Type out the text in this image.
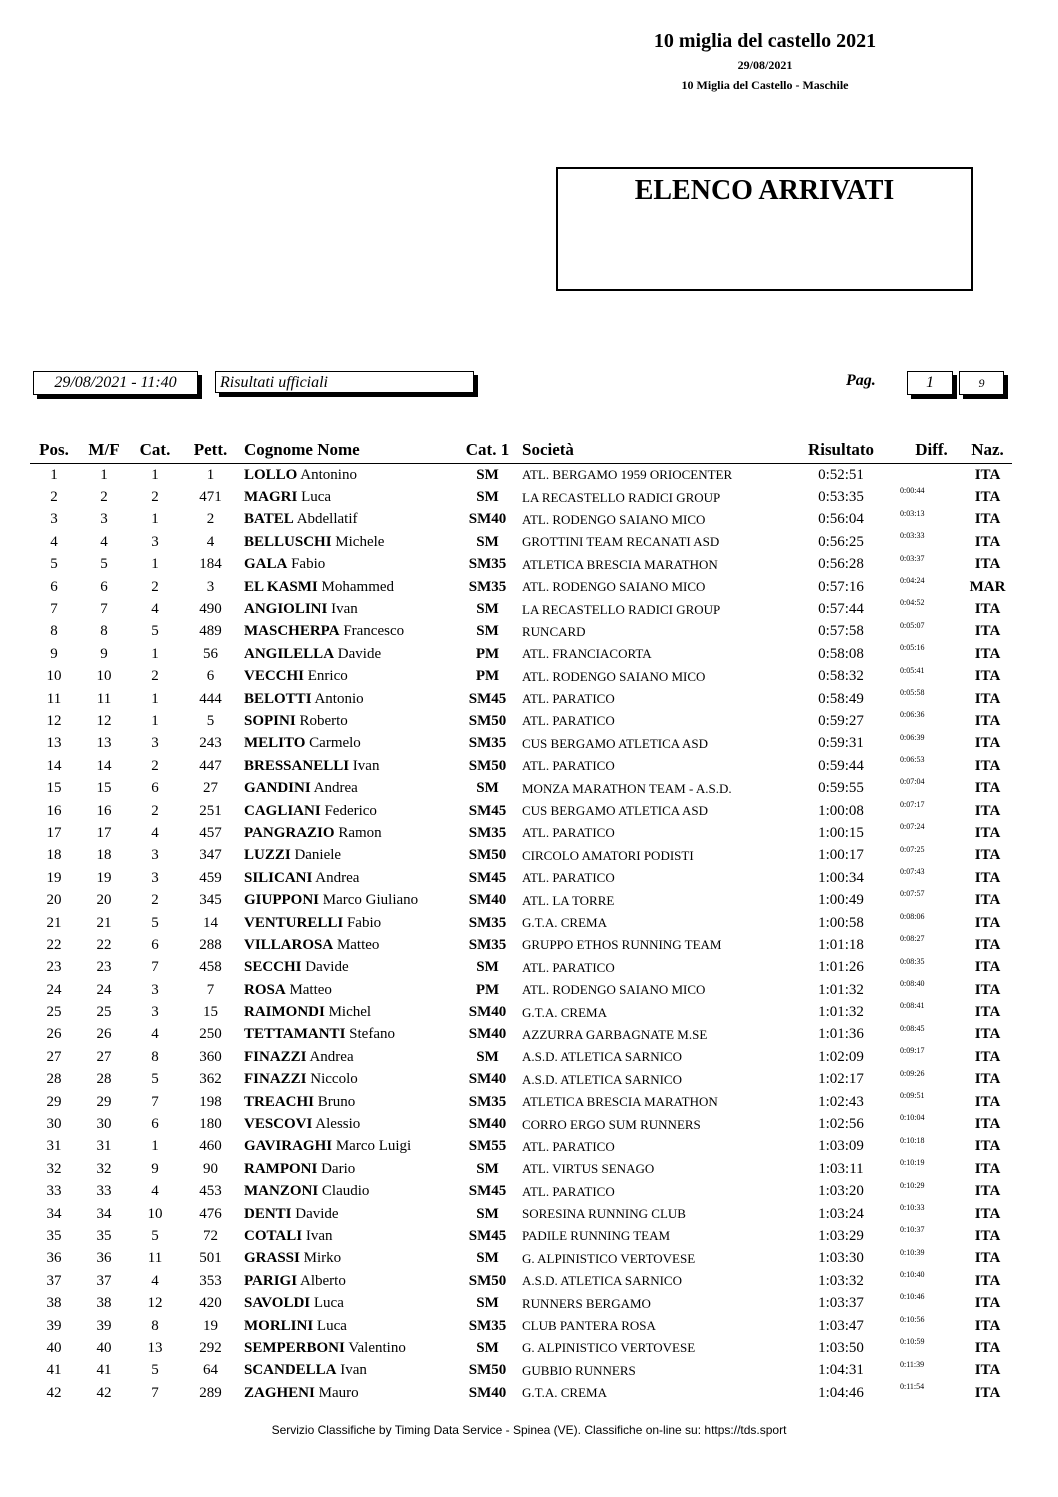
10 miglia del castello 2021
29/08/2021
10 Miglia del Castello - Maschile
ELENCO ARRIVATI
29/08/2021 - 11:40	Risultati ufficiali	Pag.	1	9
Pos.	M/F	Cat.	Pett.	Cognome Nome	Cat. 1	Società	Risultato	Diff.	Naz.
1	1	1	1	LOLLO Antonino	SM	ATL. BERGAMO 1959 ORIOCENTER	0:52:51		ITA
2	2	2	471	MAGRI Luca	SM	LA RECASTELLO RADICI GROUP	0:53:35	0:00:44	ITA
3	3	1	2	BATEL Abdellatif	SM40	ATL. RODENGO SAIANO MICO	0:56:04	0:03:13	ITA
4	4	3	4	BELLUSCHI Michele	SM	GROTTINI TEAM RECANATI ASD	0:56:25	0:03:33	ITA
5	5	1	184	GALA Fabio	SM35	ATLETICA BRESCIA MARATHON	0:56:28	0:03:37	ITA
6	6	2	3	EL KASMI Mohammed	SM35	ATL. RODENGO SAIANO MICO	0:57:16	0:04:24	MAR
7	7	4	490	ANGIOLINI Ivan	SM	LA RECASTELLO RADICI GROUP	0:57:44	0:04:52	ITA
8	8	5	489	MASCHERPA Francesco	SM	RUNCARD	0:57:58	0:05:07	ITA
9	9	1	56	ANGILELLA Davide	PM	ATL. FRANCIACORTA	0:58:08	0:05:16	ITA
10	10	2	6	VECCHI Enrico	PM	ATL. RODENGO SAIANO MICO	0:58:32	0:05:41	ITA
11	11	1	444	BELOTTI Antonio	SM45	ATL. PARATICO	0:58:49	0:05:58	ITA
12	12	1	5	SOPINI Roberto	SM50	ATL. PARATICO	0:59:27	0:06:36	ITA
13	13	3	243	MELITO Carmelo	SM35	CUS BERGAMO ATLETICA ASD	0:59:31	0:06:39	ITA
14	14	2	447	BRESSANELLI Ivan	SM50	ATL. PARATICO	0:59:44	0:06:53	ITA
15	15	6	27	GANDINI Andrea	SM	MONZA MARATHON TEAM - A.S.D.	0:59:55	0:07:04	ITA
16	16	2	251	CAGLIANI Federico	SM45	CUS BERGAMO ATLETICA ASD	1:00:08	0:07:17	ITA
17	17	4	457	PANGRAZIO Ramon	SM35	ATL. PARATICO	1:00:15	0:07:24	ITA
18	18	3	347	LUZZI Daniele	SM50	CIRCOLO AMATORI PODISTI	1:00:17	0:07:25	ITA
19	19	3	459	SILICANI Andrea	SM45	ATL. PARATICO	1:00:34	0:07:43	ITA
20	20	2	345	GIUPPONI Marco Giuliano	SM40	ATL. LA TORRE	1:00:49	0:07:57	ITA
21	21	5	14	VENTURELLI Fabio	SM35	G.T.A. CREMA	1:00:58	0:08:06	ITA
22	22	6	288	VILLAROSA Matteo	SM35	GRUPPO ETHOS RUNNING TEAM	1:01:18	0:08:27	ITA
23	23	7	458	SECCHI Davide	SM	ATL. PARATICO	1:01:26	0:08:35	ITA
24	24	3	7	ROSA Matteo	PM	ATL. RODENGO SAIANO MICO	1:01:32	0:08:40	ITA
25	25	3	15	RAIMONDI Michel	SM40	G.T.A. CREMA	1:01:32	0:08:41	ITA
26	26	4	250	TETTAMANTI Stefano	SM40	AZZURRA GARBAGNATE M.SE	1:01:36	0:08:45	ITA
27	27	8	360	FINAZZI Andrea	SM	A.S.D. ATLETICA SARNICO	1:02:09	0:09:17	ITA
28	28	5	362	FINAZZI Niccolo	SM40	A.S.D. ATLETICA SARNICO	1:02:17	0:09:26	ITA
29	29	7	198	TREACHI Bruno	SM35	ATLETICA BRESCIA MARATHON	1:02:43	0:09:51	ITA
30	30	6	180	VESCOVI Alessio	SM40	CORRO ERGO SUM RUNNERS	1:02:56	0:10:04	ITA
31	31	1	460	GAVIRAGHI Marco Luigi	SM55	ATL. PARATICO	1:03:09	0:10:18	ITA
32	32	9	90	RAMPONI Dario	SM	ATL. VIRTUS SENAGO	1:03:11	0:10:19	ITA
33	33	4	453	MANZONI Claudio	SM45	ATL. PARATICO	1:03:20	0:10:29	ITA
34	34	10	476	DENTI Davide	SM	SORESINA RUNNING CLUB	1:03:24	0:10:33	ITA
35	35	5	72	COTALI Ivan	SM45	PADILE RUNNING TEAM	1:03:29	0:10:37	ITA
36	36	11	501	GRASSI Mirko	SM	G. ALPINISTICO VERTOVESE	1:03:30	0:10:39	ITA
37	37	4	353	PARIGI Alberto	SM50	A.S.D. ATLETICA SARNICO	1:03:32	0:10:40	ITA
38	38	12	420	SAVOLDI Luca	SM	RUNNERS BERGAMO	1:03:37	0:10:46	ITA
39	39	8	19	MORLINI Luca	SM35	CLUB PANTERA ROSA	1:03:47	0:10:56	ITA
40	40	13	292	SEMPERBONI Valentino	SM	G. ALPINISTICO VERTOVESE	1:03:50	0:10:59	ITA
41	41	5	64	SCANDELLA Ivan	SM50	GUBBIO RUNNERS	1:04:31	0:11:39	ITA
42	42	7	289	ZAGHENI Mauro	SM40	G.T.A. CREMA	1:04:46	0:11:54	ITA
Servizio Classifiche by Timing Data Service - Spinea (VE). Classifiche on-line su: https://tds.sport
